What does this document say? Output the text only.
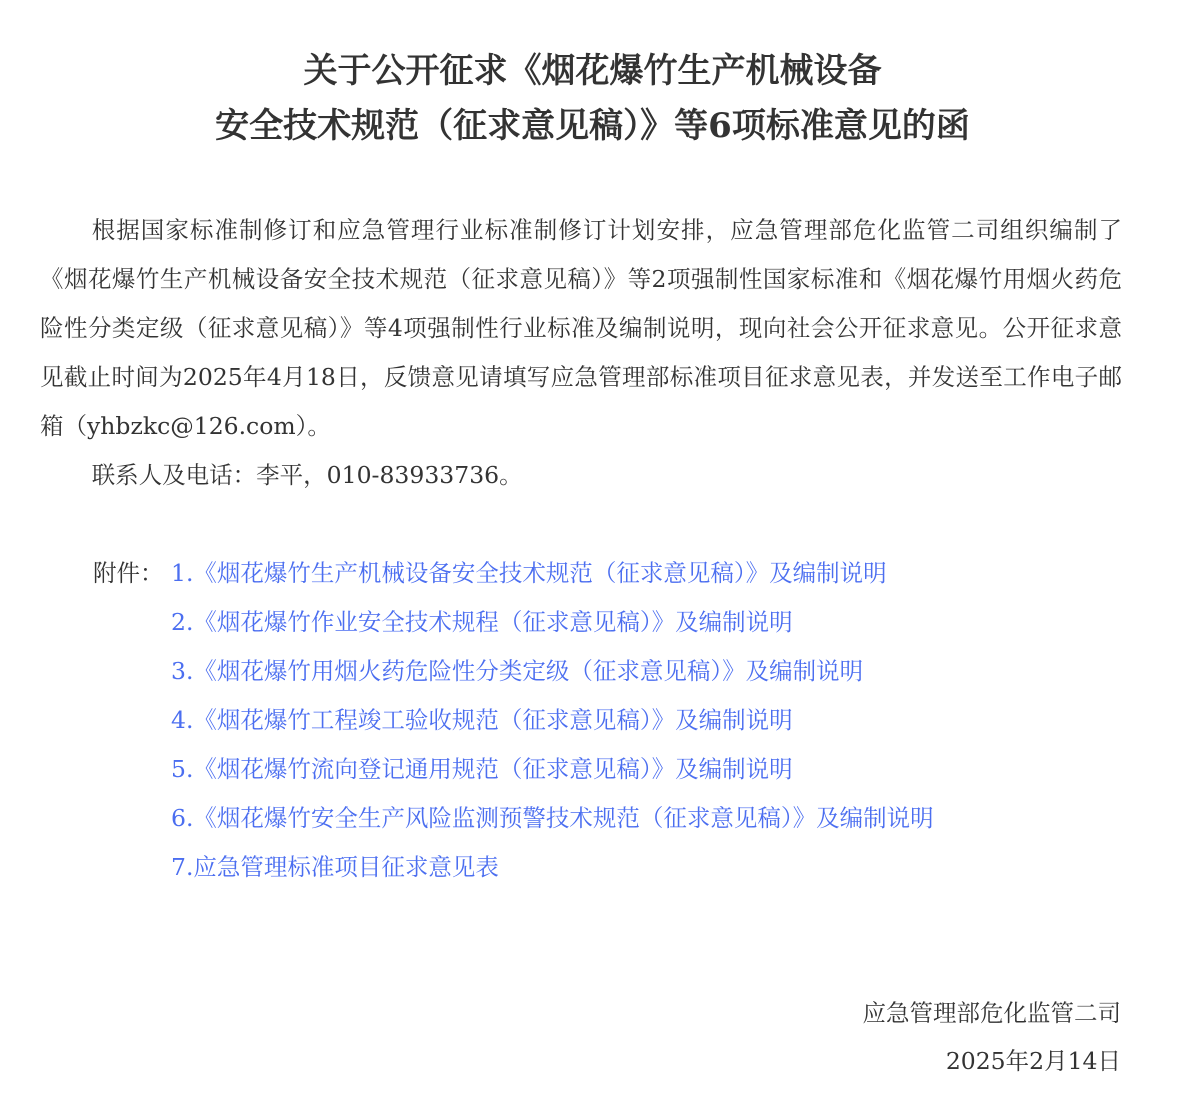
关于公开征求《烟花爆竹生产机械设备
安全技术规范（征求意见稿）》等6项标准意见的函

根据国家标准制修订和应急管理行业标准制修订计划安排，应急管理部危化监管二司组织编制了《烟花爆竹生产机械设备安全技术规范（征求意见稿）》等2项强制性国家标准和《烟花爆竹用烟火药危险性分类定级（征求意见稿）》等4项强制性行业标准及编制说明，现向社会公开征求意见。公开征求意见截止时间为2025年4月18日，反馈意见请填写应急管理部标准项目征求意见表，并发送至工作电子邮箱（yhbzkc@126.com）。

联系人及电话：李平，010-83933736。

附件： 1.《烟花爆竹生产机械设备安全技术规范（征求意见稿）》及编制说明
2.《烟花爆竹作业安全技术规程（征求意见稿）》及编制说明
3.《烟花爆竹用烟火药危险性分类定级（征求意见稿）》及编制说明
4.《烟花爆竹工程竣工验收规范（征求意见稿）》及编制说明
5.《烟花爆竹流向登记通用规范（征求意见稿）》及编制说明
6.《烟花爆竹安全生产风险监测预警技术规范（征求意见稿）》及编制说明
7.应急管理标准项目征求意见表
应急管理部危化监管二司
2025年2月14日
